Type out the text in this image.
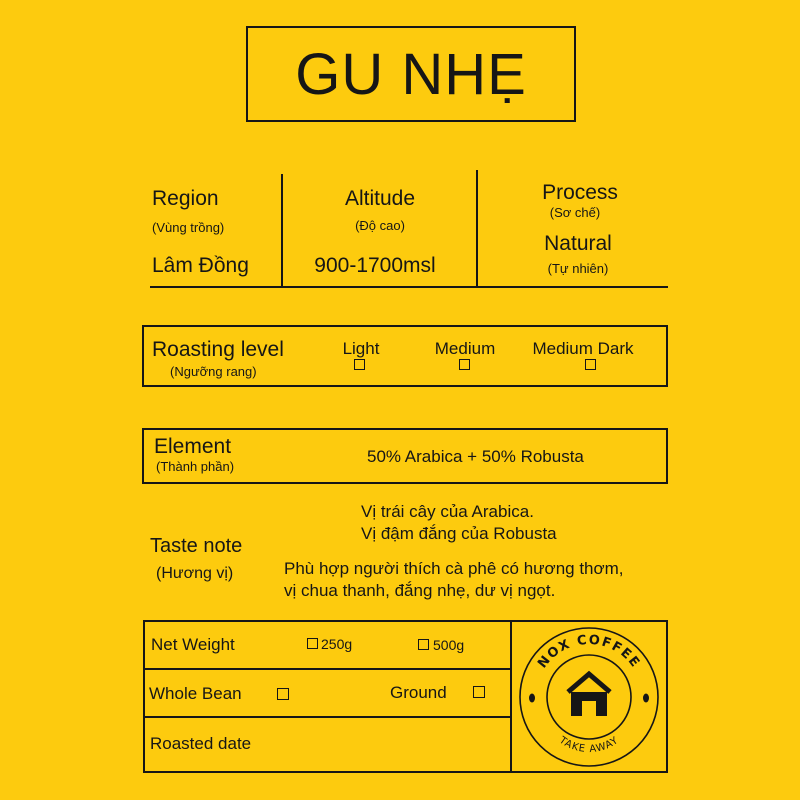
GU NHẸ
Region
(Vùng trồng)
Lâm Đồng
Altitude
(Độ cao)
900-1700msl
Process
(Sơ chế)
Natural
(Tự nhiên)
Roasting level
(Ngưỡng rang)
Light	Medium	Medium Dark
Element
(Thành phần)
50% Arabica + 50% Robusta
Vị trái cây của Arabica.
Vị đậm đắng của Robusta
Taste note
(Hương vị)	Phù hợp người thích cà phê có hương thơm,
vị chua thanh, đắng nhẹ, dư vị ngọt.
Net Weight	250g	500g
Whole Bean	Ground
Roasted date
NOX COFFEE
TAKE AWAY
